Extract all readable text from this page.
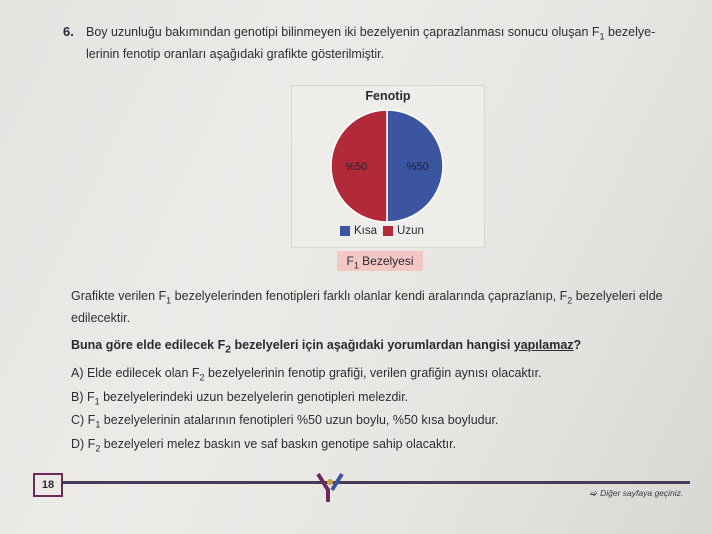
6. Boy uzunluğu bakımından genotipi bilinmeyen iki bezelyenin çaprazlanması sonucu oluşan $F_1$ bezelye-lerinin fenotip oranları aşağıdaki grafikte gösterilmiştir.
Fenotip
%50
%50
Kısa Uzun
$F_1$ Bezelyesi
Grafikte verilen $F_1$ bezelyelerinden fenotipleri farklı olanlar kendi aralarında çaprazlanıp, $F_2$ bezelyeleri elde edilecektir.
Buna göre elde edilecek $F_2$ bezelyeleri için aşağıdaki yorumlardan hangisi yapılamaz?
A) Elde edilecek olan $F_2$ bezelyelerinin fenotip grafiği, verilen grafiğin aynısı olacaktır.
B) $F_1$ bezelyelerindeki uzun bezelyelerin genotipleri melezdir.
C) $F_1$ bezelyelerinin atalarının fenotipleri %50 uzun boylu, %50 kısa boyludur.
D) $F_2$ bezelyeleri melez baskın ve saf baskın genotipe sahip olacaktır.
18
➫ Diğer sayfaya geçiniz.
